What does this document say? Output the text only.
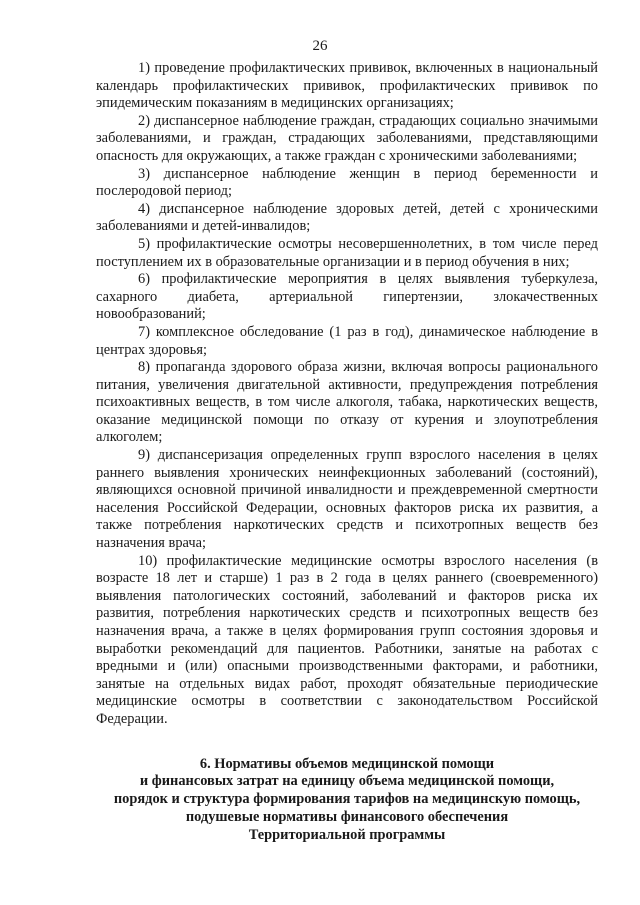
26

1) проведение профилактических прививок, включенных в национальный календарь профилактических прививок, профилактических прививок по эпидемическим показаниям в медицинских организациях;

2) диспансерное наблюдение граждан, страдающих социально значимыми заболеваниями, и граждан, страдающих заболеваниями, представляющими опасность для окружающих, а также граждан с хроническими заболеваниями;

3) диспансерное наблюдение женщин в период беременности и послеродовой период;

4) диспансерное наблюдение здоровых детей, детей с хроническими заболеваниями и детей-инвалидов;

5) профилактические осмотры несовершеннолетних, в том числе перед поступлением их в образовательные организации и в период обучения в них;

6) профилактические мероприятия в целях выявления туберкулеза, сахарного диабета, артериальной гипертензии, злокачественных новообразований;

7) комплексное обследование (1 раз в год), динамическое наблюдение в центрах здоровья;

8) пропаганда здорового образа жизни, включая вопросы рационального питания, увеличения двигательной активности, предупреждения потребления психоактивных веществ, в том числе алкоголя, табака, наркотических веществ, оказание медицинской помощи по отказу от курения и злоупотребления алкоголем;

9) диспансеризация определенных групп взрослого населения в целях раннего выявления хронических неинфекционных заболеваний (состояний), являющихся основной причиной инвалидности и преждевременной смертности населения Российской Федерации, основных факторов риска их развития, а также потребления наркотических средств и психотропных веществ без назначения врача;

10) профилактические медицинские осмотры взрослого населения (в возрасте 18 лет и старше) 1 раз в 2 года в целях раннего (своевременного) выявления патологических состояний, заболеваний и факторов риска их развития, потребления наркотических средств и психотропных веществ без назначения врача, а также в целях формирования групп состояния здоровья и выработки рекомендаций для пациентов. Работники, занятые на работах с вредными и (или) опасными производственными факторами, и работники, занятые на отдельных видах работ, проходят обязательные периодические медицинские осмотры в соответствии с законодательством Российской Федерации.

6. Нормативы объемов медицинской помощи
и финансовых затрат на единицу объема медицинской помощи,
порядок и структура формирования тарифов на медицинскую помощь,
подушевые нормативы финансового обеспечения
Территориальной программы
